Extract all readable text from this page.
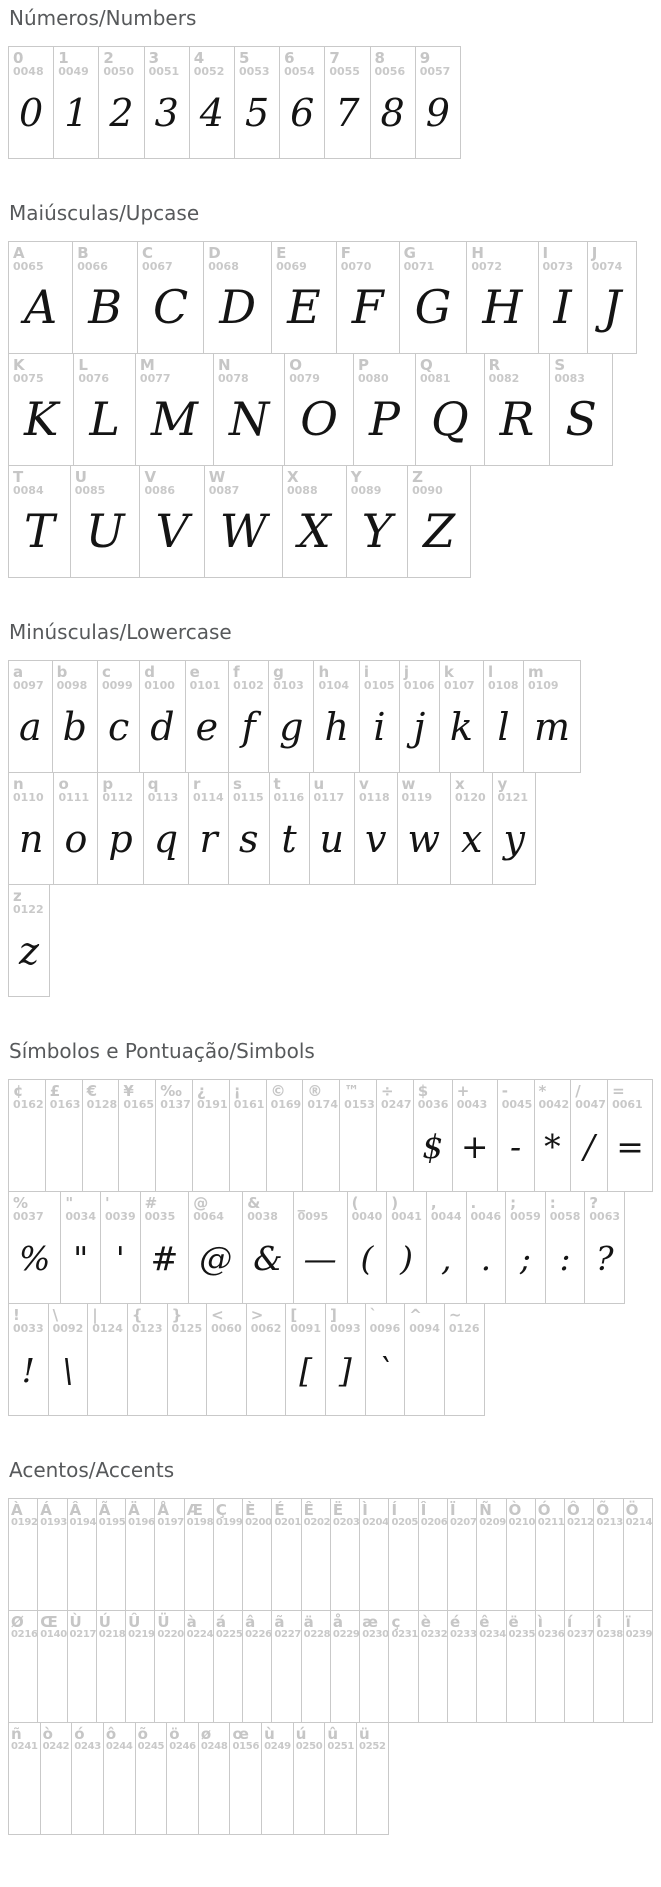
Números/Numbers
0
0048
0
1
0049
1
2
0050
2
3
0051
3
4
0052
4
5
0053
5
6
0054
6
7
0055
7
8
0056
8
9
0057
9
Maiúsculas/Upcase
A
0065
A
B
0066
B
C
0067
C
D
0068
D
E
0069
E
F
0070
F
G
0071
G
H
0072
H
I
0073
I
J
0074
J
K
0075
K
L
0076
L
M
0077
M
N
0078
N
O
0079
O
P
0080
P
Q
0081
Q
R
0082
R
S
0083
S
T
0084
T
U
0085
U
V
0086
V
W
0087
W
X
0088
X
Y
0089
Y
Z
0090
Z
Minúsculas/Lowercase
a
0097
a
b
0098
b
c
0099
c
d
0100
d
e
0101
e
f
0102
f
g
0103
g
h
0104
h
i
0105
i
j
0106
j
k
0107
k
l
0108
l
m
0109
m
n
0110
n
o
0111
o
p
0112
p
q
0113
q
r
0114
r
s
0115
s
t
0116
t
u
0117
u
v
0118
v
w
0119
w
x
0120
x
y
0121
y
z
0122
z
Símbolos e Pontuação/Simbols
¢
0162
£
0163
€
0128
¥
0165
‰
0137
¿
0191
¡
0161
©
0169
®
0174
™
0153
÷
0247
$
0036
$
+
0043
+
-
0045
-
*
0042
*
/
0047
/
=
0061
=
%
0037
%
"
0034
"
'
0039
'
#
0035
#
@
0064
@
&
0038
&
_
0095
—
(
0040
(
)
0041
)
,
0044
,
.
0046
.
;
0059
;
:
0058
:
?
0063
?
!
0033
!
\
0092
\
|
0124
{
0123
}
0125
<
0060
>
0062
[
0091
[
]
0093
]
`
0096
`
^
0094
~
0126
Acentos/Accents
À
0192
Á
0193
Â
0194
Ã
0195
Ä
0196
Å
0197
Æ
0198
Ç
0199
È
0200
É
0201
Ê
0202
Ë
0203
Ì
0204
Í
0205
Î
0206
Ï
0207
Ñ
0209
Ò
0210
Ó
0211
Ô
0212
Õ
0213
Ö
0214
Ø
0216
Œ
0140
Ù
0217
Ú
0218
Û
0219
Ü
0220
à
0224
á
0225
â
0226
ã
0227
ä
0228
å
0229
æ
0230
ç
0231
è
0232
é
0233
ê
0234
ë
0235
ì
0236
í
0237
î
0238
ï
0239
ñ
0241
ò
0242
ó
0243
ô
0244
õ
0245
ö
0246
ø
0248
œ
0156
ù
0249
ú
0250
û
0251
ü
0252
